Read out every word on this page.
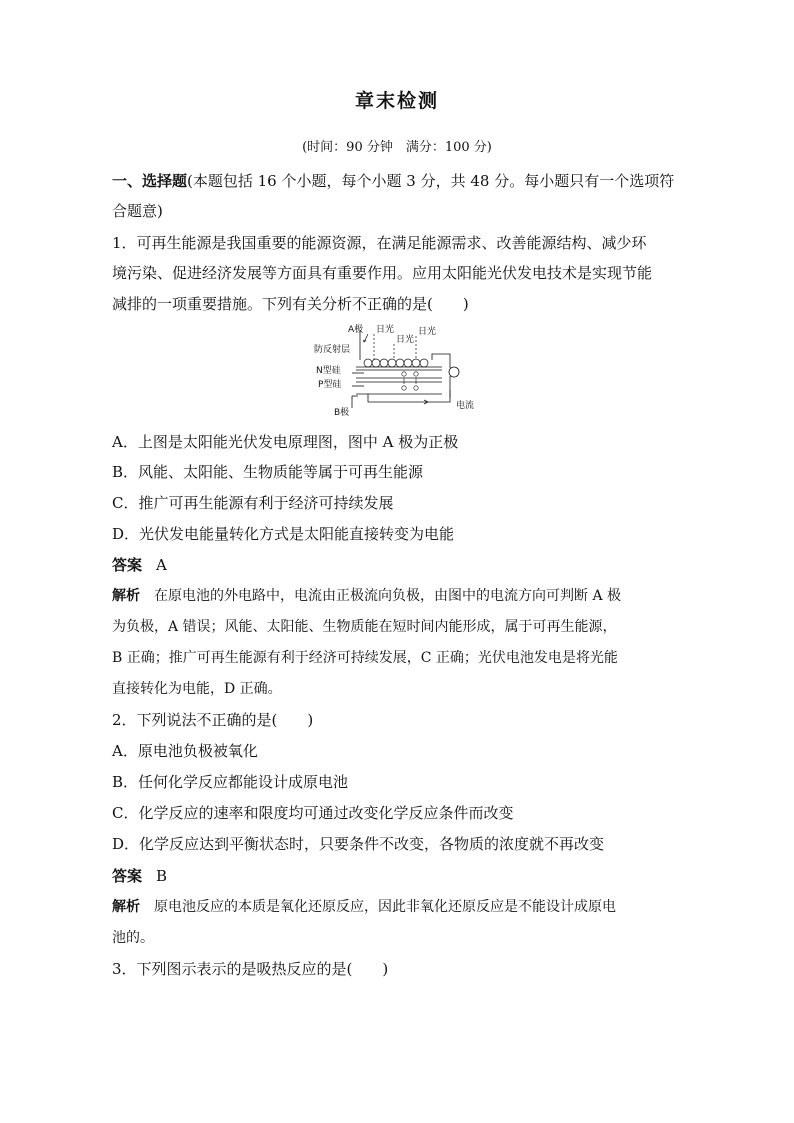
章末检测
(时间：90 分钟　满分：100 分)
一、选择题(本题包括 16 个小题，每个小题 3 分，共 48 分。每小题只有一个选项符
合题意)
1．可再生能源是我国重要的能源资源，在满足能源需求、改善能源结构、减少环
境污染、促进经济发展等方面具有重要作用。应用太阳能光伏发电技术是实现节能
减排的一项重要措施。下列有关分析不正确的是(　　)
A极 日光	日光
日光
防反射层
N型硅
P型硅
B极
电流
A．上图是太阳能光伏发电原理图，图中 A 极为正极
B．风能、太阳能、生物质能等属于可再生能源
C．推广可再生能源有利于经济可持续发展
D．光伏发电能量转化方式是太阳能直接转变为电能
答案 A
解析 在原电池的外电路中，电流由正极流向负极，由图中的电流方向可判断 A 极
为负极，A 错误；风能、太阳能、生物质能在短时间内能形成，属于可再生能源，
B 正确；推广可再生能源有利于经济可持续发展，C 正确；光伏电池发电是将光能
直接转化为电能，D 正确。
2．下列说法不正确的是(　　)
A．原电池负极被氧化
B．任何化学反应都能设计成原电池
C．化学反应的速率和限度均可通过改变化学反应条件而改变
D．化学反应达到平衡状态时，只要条件不改变，各物质的浓度就不再改变
答案 B
解析 原电池反应的本质是氧化还原反应，因此非氧化还原反应是不能设计成原电
池的。
3．下列图示表示的是吸热反应的是(　　)
